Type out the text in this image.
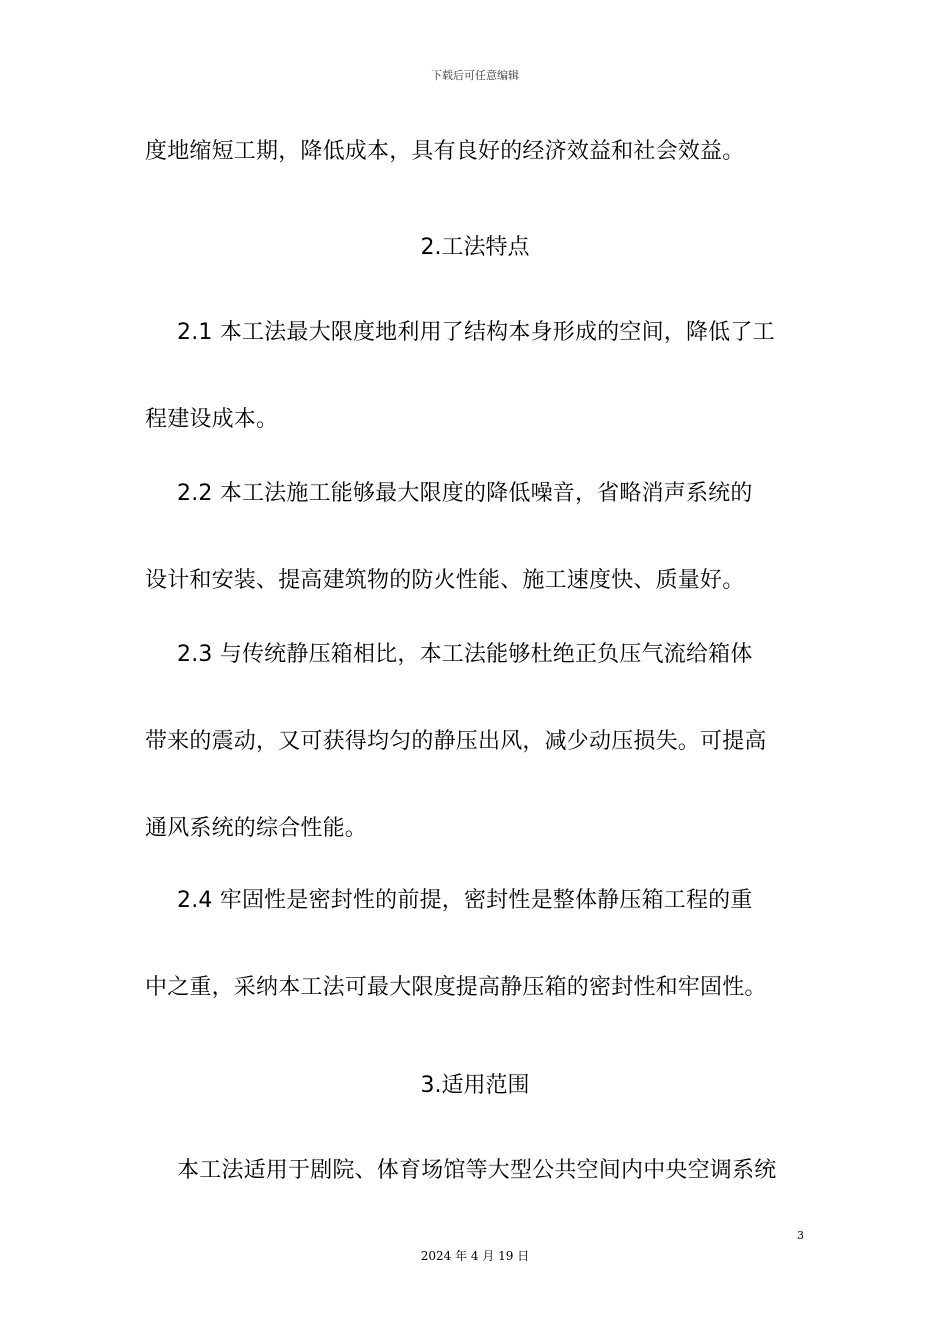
下载后可任意编辑
度地缩短工期，降低成本，具有良好的经济效益和社会效益。
2.工法特点
2.1 本工法最大限度地利用了结构本身形成的空间，降低了工
程建设成本。
2.2 本工法施工能够最大限度的降低噪音，省略消声系统的
设计和安装、提高建筑物的防火性能、施工速度快、质量好。
2.3 与传统静压箱相比，本工法能够杜绝正负压气流给箱体
带来的震动，又可获得均匀的静压出风，减少动压损失。可提高
通风系统的综合性能。
2.4 牢固性是密封性的前提，密封性是整体静压箱工程的重
中之重，采纳本工法可最大限度提高静压箱的密封性和牢固性。
3.适用范围
本工法适用于剧院、体育场馆等大型公共空间内中央空调系统
3
2024 年 4 月 19 日
